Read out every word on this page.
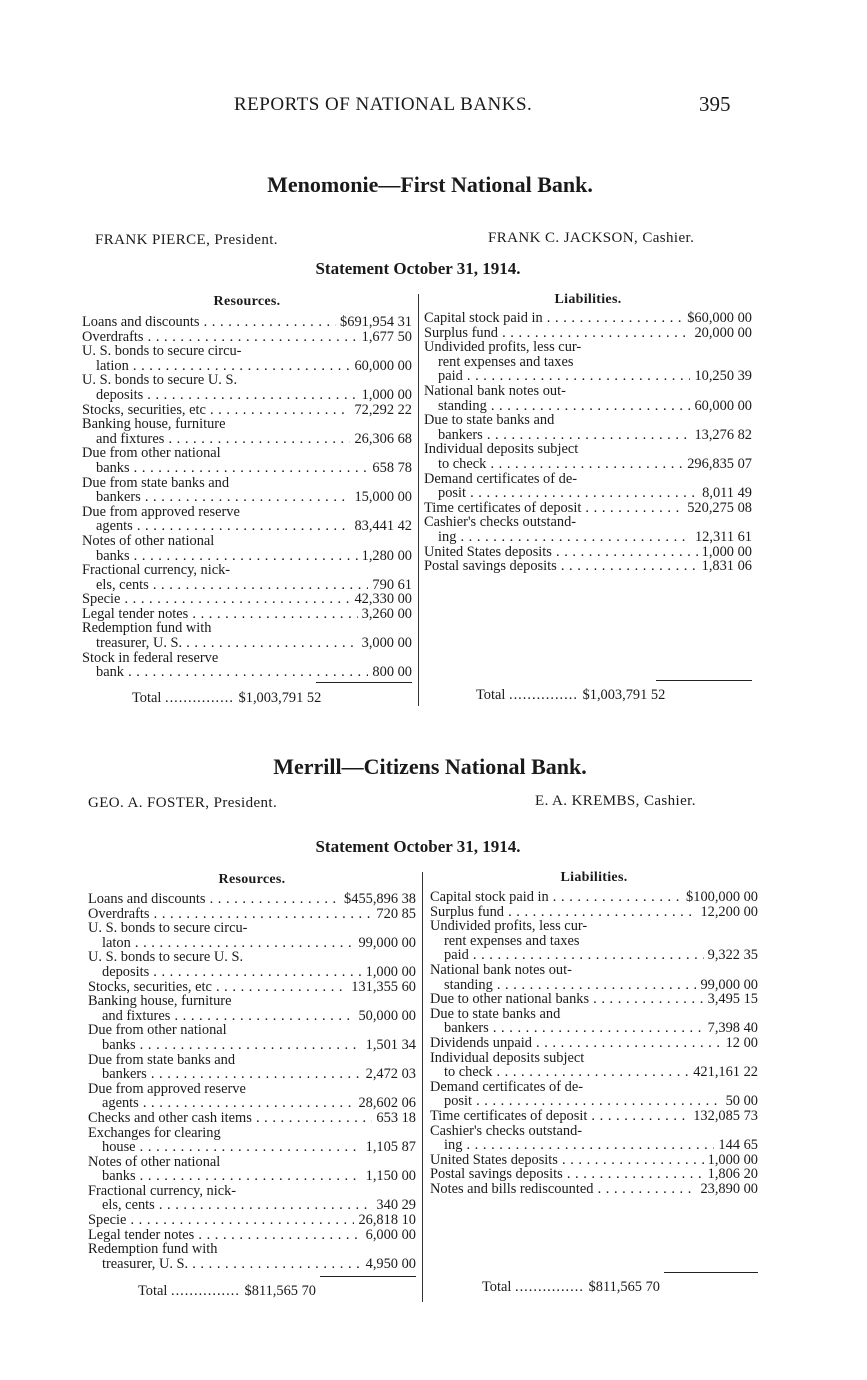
REPORTS OF NATIONAL BANKS.	395
Menomonie—First National Bank.
FRANK PIERCE, President.	FRANK C. JACKSON, Cashier.
Statement October 31, 1914.
Resources.
Loans and discounts . . .	$691,954 31
Overdrafts . . .	1,677 50
U. S. bonds to secure circu-
lation . . .	60,000 00
U. S. bonds to secure U. S.
deposits . . .	1,000 00
Stocks, securities, etc . . .	72,292 22
Banking house, furniture
and fixtures . . .	26,306 68
Due from other national
banks . . .	658 78
Due from state banks and
bankers . . .	15,000 00
Due from approved reserve
agents . . .	83,441 42
Notes of other national
banks . . .	1,280 00
Fractional currency, nick-
els, cents . . .	790 61
Specie . . .	42,330 00
Legal tender notes . . .	3,260 00
Redemption fund with
treasurer, U. S. . . .	3,000 00
Stock in federal reserve
bank . . .	800 00
Total ............... $1,003,791 52
Liabilities.
Capital stock paid in . . .	$60,000 00
Surplus fund . . .	20,000 00
Undivided profits, less cur-
rent expenses and taxes
paid . . .	10,250 39
National bank notes out-
standing . . .	60,000 00
Due to state banks and
bankers . . .	13,276 82
Individual deposits subject
to check . . .	296,835 07
Demand certificates of de-
posit . . .	8,011 49
Time certificates of deposit . . .	520,275 08
Cashier's checks outstand-
ing . . .	12,311 61
United States deposits . . .	1,000 00
Postal savings deposits . . .	1,831 06
Total ............... $1,003,791 52
Merrill—Citizens National Bank.
GEO. A. FOSTER, President.	E. A. KREMBS, Cashier.
Statement October 31, 1914.
Resources.
Loans and discounts . . .	$455,896 38
Overdrafts . . .	720 85
U. S. bonds to secure circu-
laton . . .	99,000 00
U. S. bonds to secure U. S.
deposits . . .	1,000 00
Stocks, securities, etc . . .	131,355 60
Banking house, furniture
and fixtures . . .	50,000 00
Due from other national
banks . . .	1,501 34
Due from state banks and
bankers . . .	2,472 03
Due from approved reserve
agents . . .	28,602 06
Checks and other cash items . . .	653 18
Exchanges for clearing
house . . .	1,105 87
Notes of other national
banks . . .	1,150 00
Fractional currency, nick-
els, cents . . .	340 29
Specie . . .	26,818 10
Legal tender notes . . .	6,000 00
Redemption fund with
treasurer, U. S. . . .	4,950 00
Total ............... $811,565 70
Liabilities.
Capital stock paid in . . .	$100,000 00
Surplus fund . . .	12,200 00
Undivided profits, less cur-
rent expenses and taxes
paid . . .	9,322 35
National bank notes out-
standing . . .	99,000 00
Due to other national banks . . .	3,495 15
Due to state banks and
bankers . . .	7,398 40
Dividends unpaid . . .	12 00
Individual deposits subject
to check . . .	421,161 22
Demand certificates of de-
posit . . .	50 00
Time certificates of deposit . . .	132,085 73
Cashier's checks outstand-
ing . . .	144 65
United States deposits . . .	1,000 00
Postal savings deposits . . .	1,806 20
Notes and bills rediscounted . . .	23,890 00
Total ............... $811,565 70
